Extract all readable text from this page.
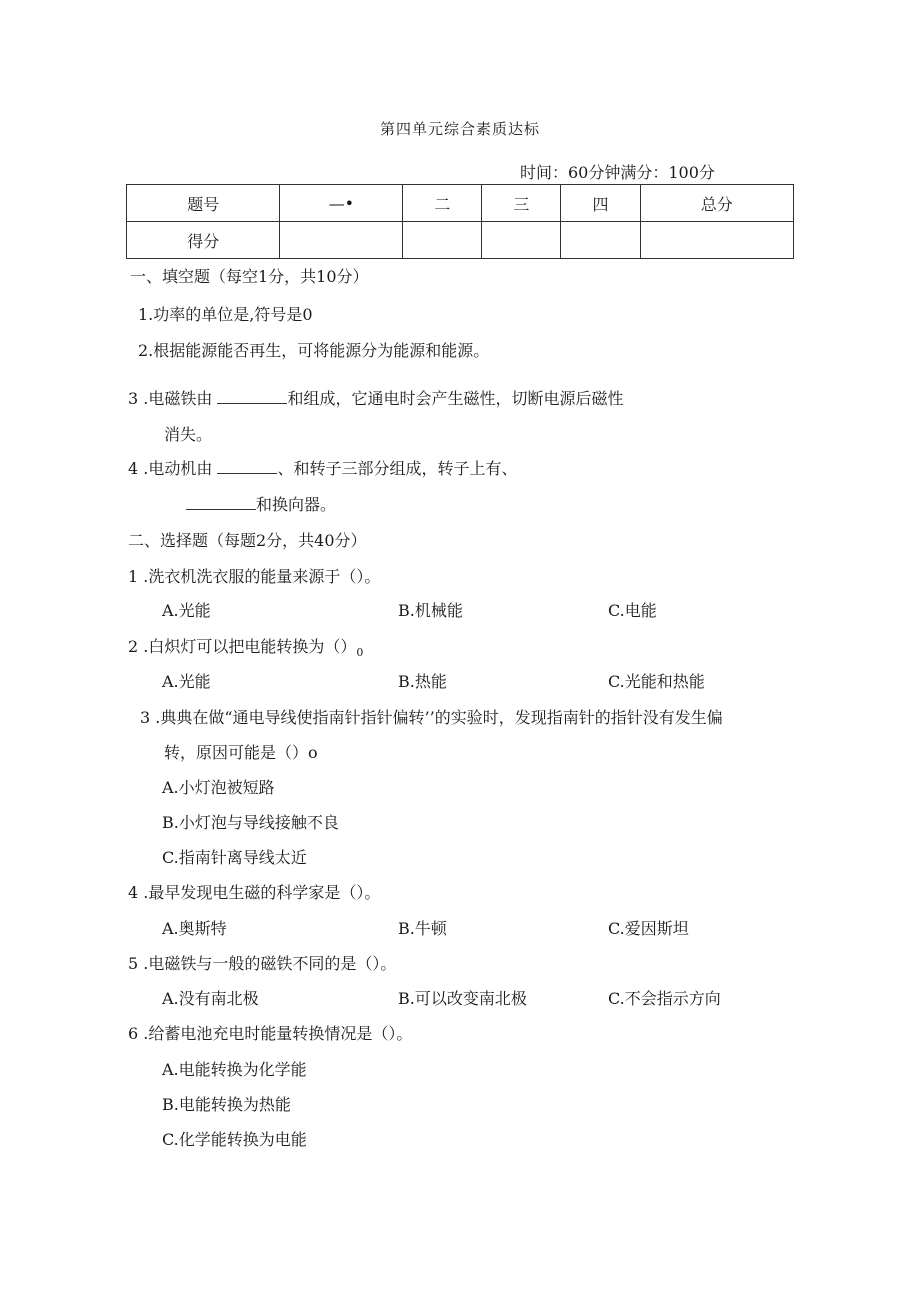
第四单元综合素质达标
时间：60分钟满分：100分
题号	—•	二	三	四	总分
得分					
一、填空题（每空1分，共10分）
1.功率的单位是,符号是0
2.根据能源能否再生，可将能源分为能源和能源。
3 .电磁铁由	和组成，它通电时会产生磁性，切断电源后磁性
消失。
4 .电动机由	、和转子三部分组成，转子上有、
和换向器。
二、选择题（每题2分，共40分）
1 .洗衣机洗衣服的能量来源于（）。
A.光能	B.机械能	C.电能
2 .白炽灯可以把电能转换为$()_0$
A.光能	B.热能	C.光能和热能
3 .典典在做“通电导线使指南针指针偏转’’的实验时，发现指南针的指针没有发生偏
转，原因可能是（）o
A.小灯泡被短路
B.小灯泡与导线接触不良
C.指南针离导线太近
4 .最早发现电生磁的科学家是（）。
A.奥斯特	B.牛顿	C.爱因斯坦
5 .电磁铁与一般的磁铁不同的是（）。
A.没有南北极	B.可以改变南北极	C.不会指示方向
6 .给蓄电池充电时能量转换情况是（）。
A.电能转换为化学能
B.电能转换为热能
C.化学能转换为电能
